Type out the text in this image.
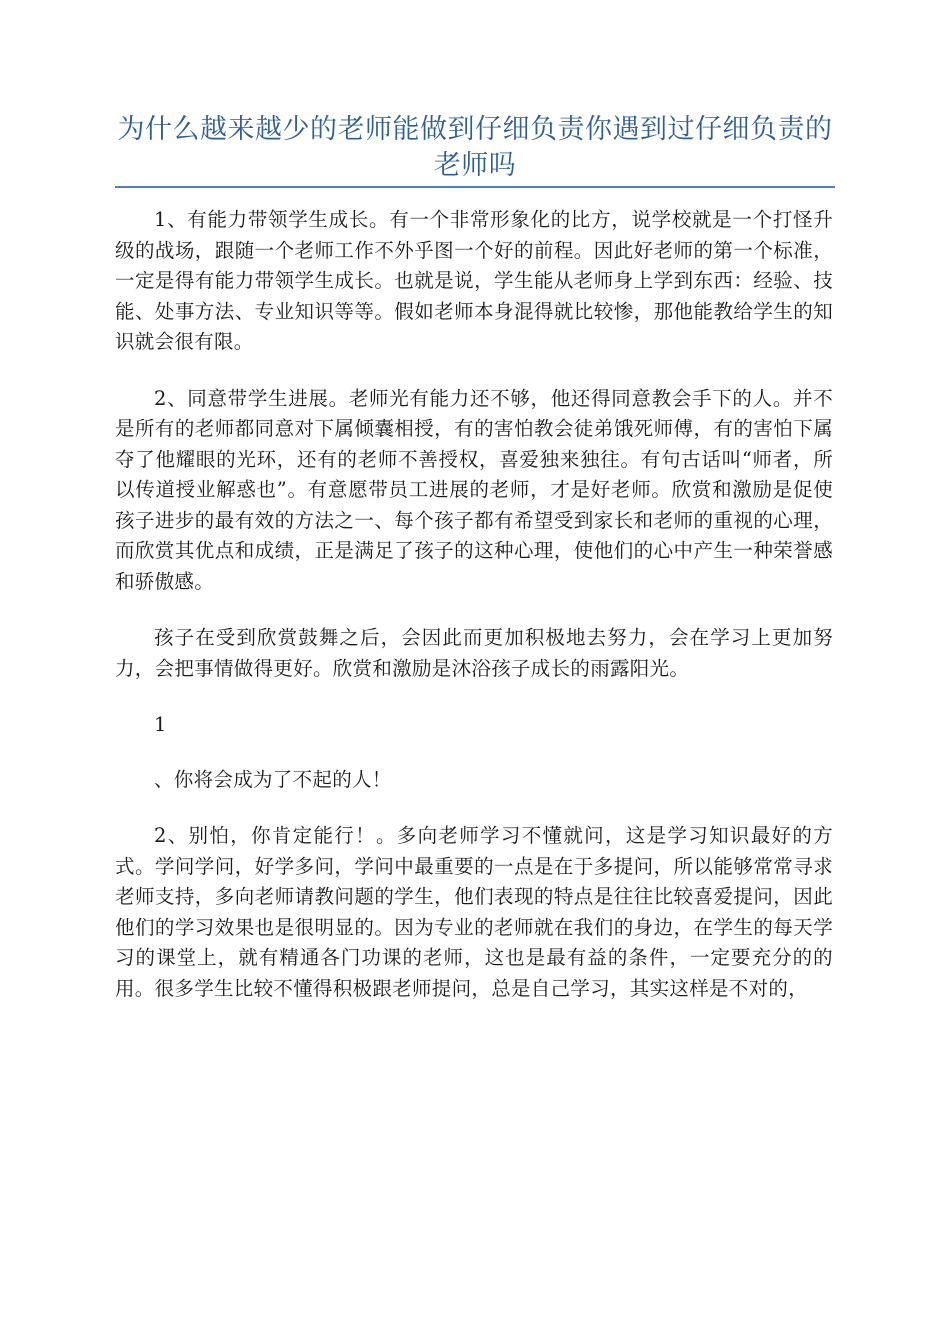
为什么越来越少的老师能做到仔细负责你遇到过仔细负责的老师吗

1、有能力带领学生成长。有一个非常形象化的比方，说学校就是一个打怪升级的战场，跟随一个老师工作不外乎图一个好的前程。因此好老师的第一个标准，一定是得有能力带领学生成长。也就是说，学生能从老师身上学到东西：经验、技能、处事方法、专业知识等等。假如老师本身混得就比较惨，那他能教给学生的知识就会很有限。

2、同意带学生进展。老师光有能力还不够，他还得同意教会手下的人。并不是所有的老师都同意对下属倾囊相授，有的害怕教会徒弟饿死师傅，有的害怕下属夺了他耀眼的光环，还有的老师不善授权，喜爱独来独往。有句古话叫“师者，所以传道授业解惑也”。有意愿带员工进展的老师，才是好老师。欣赏和激励是促使孩子进步的最有效的方法之一、每个孩子都有希望受到家长和老师的重视的心理，而欣赏其优点和成绩，正是满足了孩子的这种心理，使他们的心中产生一种荣誉感和骄傲感。

孩子在受到欣赏鼓舞之后，会因此而更加积极地去努力，会在学习上更加努力，会把事情做得更好。欣赏和激励是沐浴孩子成长的雨露阳光。

1

、你将会成为了不起的人！

2、别怕，你肯定能行！。多向老师学习不懂就问，这是学习知识最好的方式。学问学问，好学多问，学问中最重要的一点是在于多提问，所以能够常常寻求老师支持，多向老师请教问题的学生，他们表现的特点是往往比较喜爱提问，因此他们的学习效果也是很明显的。因为专业的老师就在我们的身边，在学生的每天学习的课堂上，就有精通各门功课的老师，这也是最有益的条件，一定要充分的的用。很多学生比较不懂得积极跟老师提问，总是自己学习，其实这样是不对的，
